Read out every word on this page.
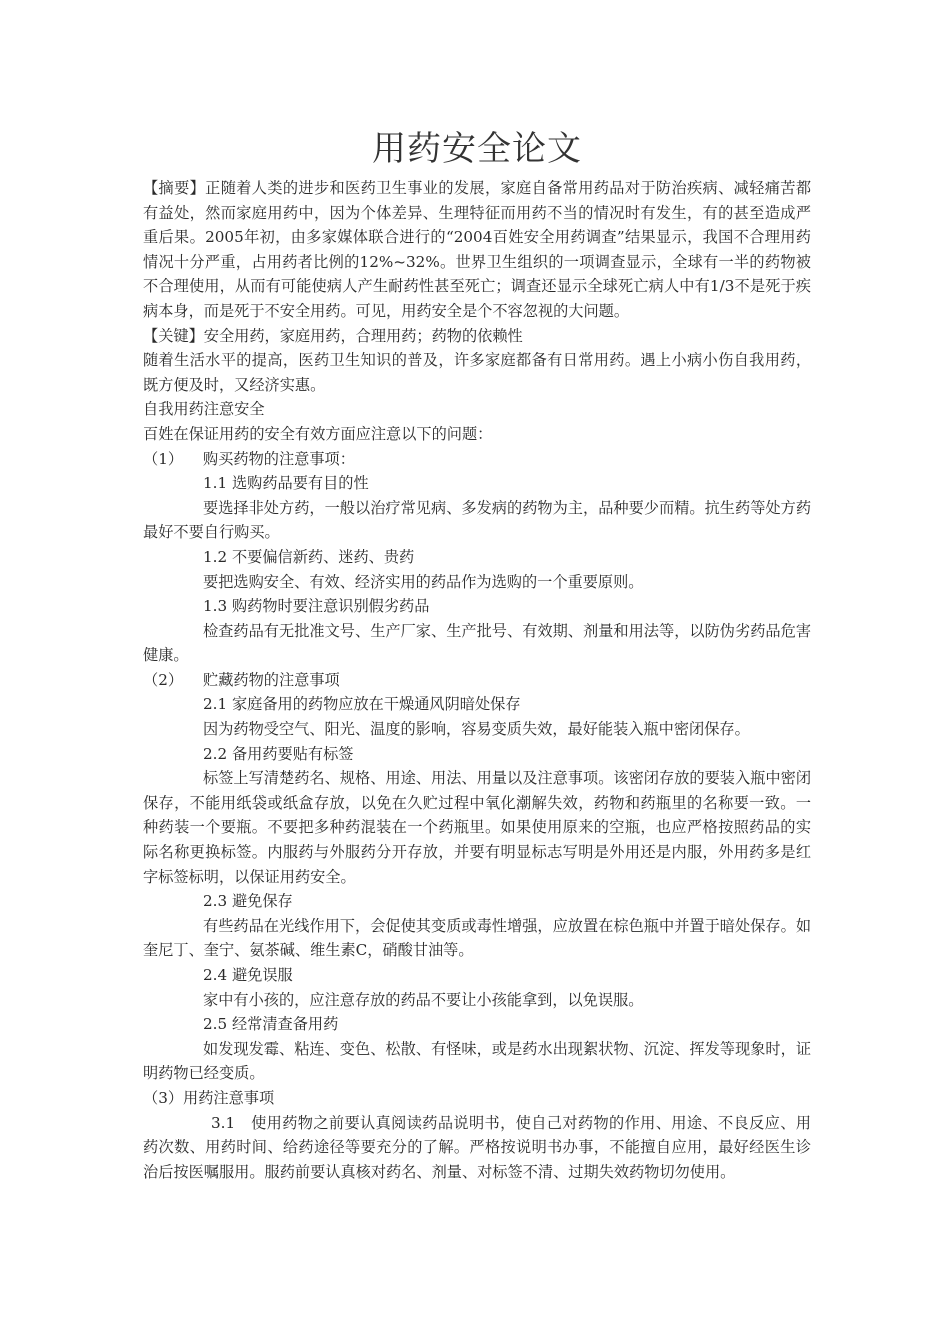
用药安全论文

【摘要】正随着人类的进步和医药卫生事业的发展，家庭自备常用药品对于防治疾病、减轻痛苦都有益处，然而家庭用药中，因为个体差异、生理特征而用药不当的情况时有发生，有的甚至造成严重后果。2005年初，由多家媒体联合进行的“2004百姓安全用药调查”结果显示，我国不合理用药情况十分严重，占用药者比例的12%~32%。世界卫生组织的一项调查显示，全球有一半的药物被不合理使用，从而有可能使病人产生耐药性甚至死亡；调查还显示全球死亡病人中有1/3不是死于疾病本身，而是死于不安全用药。可见，用药安全是个不容忽视的大问题。

【关键】安全用药，家庭用药，合理用药；药物的依赖性

随着生活水平的提高，医药卫生知识的普及，许多家庭都备有日常用药。遇上小病小伤自我用药，既方便及时，又经济实惠。

自我用药注意安全

百姓在保证用药的安全有效方面应注意以下的问题：

（1） 购买药物的注意事项：

1.1 选购药品要有目的性

要选择非处方药，一般以治疗常见病、多发病的药物为主，品种要少而精。抗生药等处方药最好不要自行购买。

1.2 不要偏信新药、迷药、贵药

要把选购安全、有效、经济实用的药品作为选购的一个重要原则。

1.3 购药物时要注意识别假劣药品

检查药品有无批准文号、生产厂家、生产批号、有效期、剂量和用法等，以防伪劣药品危害健康。

（2） 贮藏药物的注意事项

2.1 家庭备用的药物应放在干燥通风阴暗处保存

因为药物受空气、阳光、温度的影响，容易变质失效，最好能装入瓶中密闭保存。

2.2 备用药要贴有标签

标签上写清楚药名、规格、用途、用法、用量以及注意事项。该密闭存放的要装入瓶中密闭保存，不能用纸袋或纸盒存放，以免在久贮过程中氧化潮解失效，药物和药瓶里的名称要一致。一种药装一个要瓶。不要把多种药混装在一个药瓶里。如果使用原来的空瓶，也应严格按照药品的实际名称更换标签。内服药与外服药分开存放，并要有明显标志写明是外用还是内服，外用药多是红字标签标明，以保证用药安全。

2.3 避免保存

有些药品在光线作用下，会促使其变质或毒性增强，应放置在棕色瓶中并置于暗处保存。如奎尼丁、奎宁、氨茶碱、维生素C，硝酸甘油等。

2.4 避免误服

家中有小孩的，应注意存放的药品不要让小孩能拿到，以免误服。

2.5 经常清查备用药

如发现发霉、粘连、变色、松散、有怪味，或是药水出现絮状物、沉淀、挥发等现象时，证明药物已经变质。

（3）用药注意事项

3.1　使用药物之前要认真阅读药品说明书，使自己对药物的作用、用途、不良反应、用药次数、用药时间、给药途径等要充分的了解。严格按说明书办事，不能擅自应用，最好经医生诊治后按医嘱服用。服药前要认真核对药名、剂量、对标签不清、过期失效药物切勿使用。
